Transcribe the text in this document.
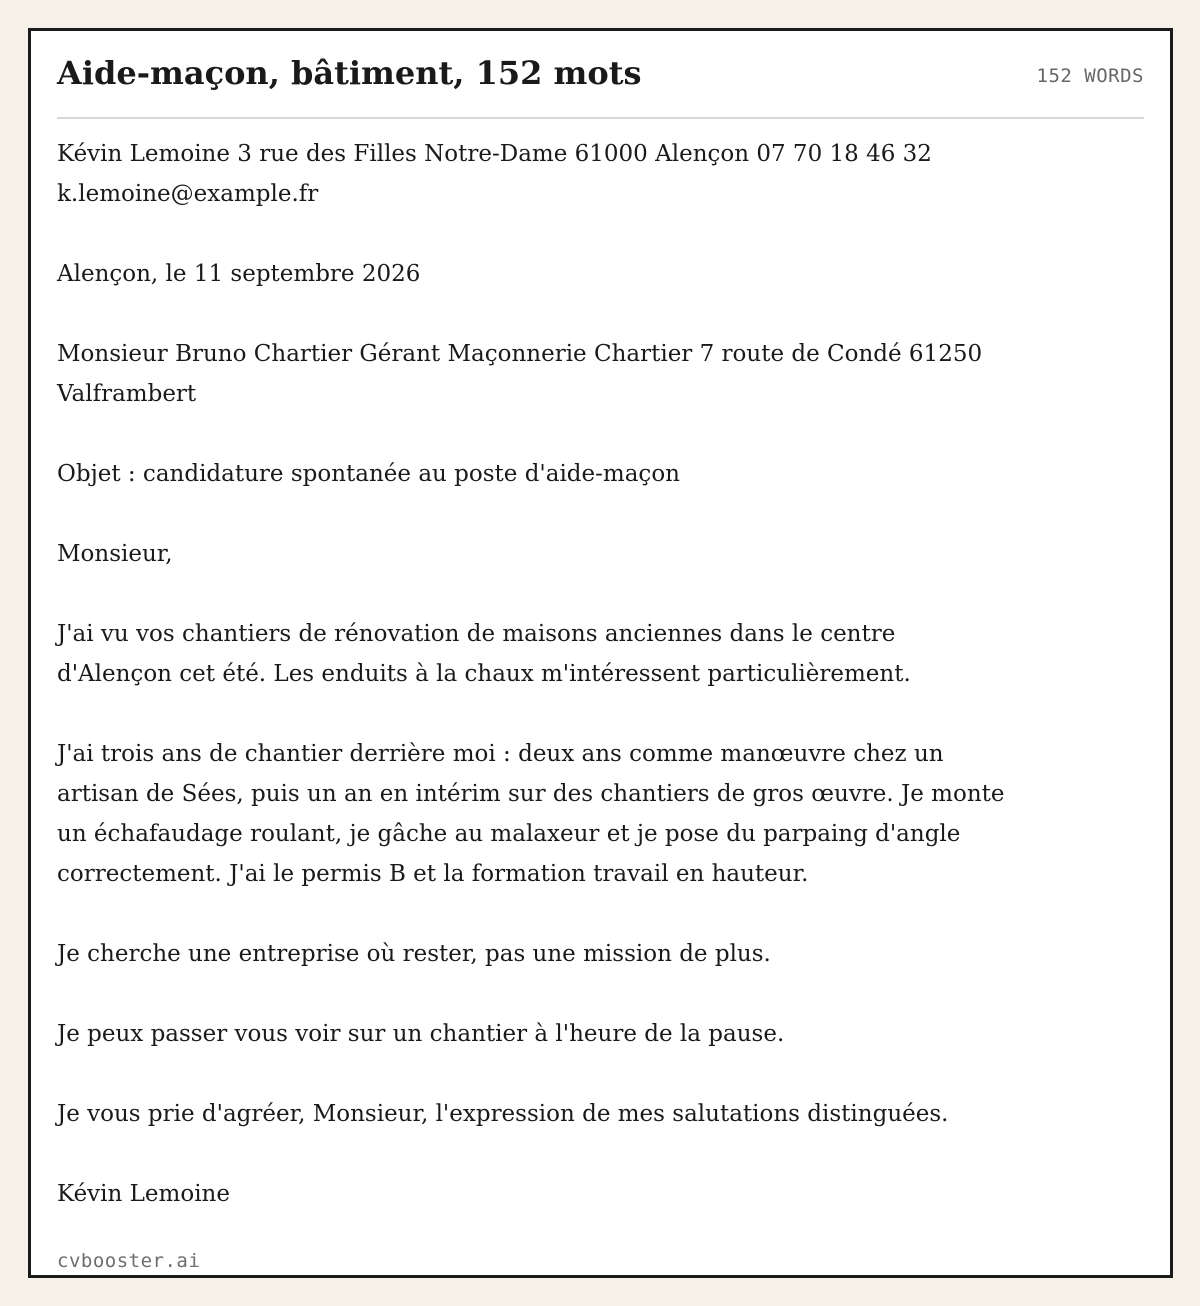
Aide-maçon, bâtiment, 152 mots	152 WORDS

Kévin Lemoine 3 rue des Filles Notre-Dame 61000 Alençon 07 70 18 46 32 k.lemoine@example.fr

Alençon, le 11 septembre 2026

Monsieur Bruno Chartier Gérant Maçonnerie Chartier 7 route de Condé 61250 Valframbert

Objet : candidature spontanée au poste d'aide-maçon

Monsieur,

J'ai vu vos chantiers de rénovation de maisons anciennes dans le centre d'Alençon cet été. Les enduits à la chaux m'intéressent particulièrement.

J'ai trois ans de chantier derrière moi : deux ans comme manœuvre chez un artisan de Sées, puis un an en intérim sur des chantiers de gros œuvre. Je monte un échafaudage roulant, je gâche au malaxeur et je pose du parpaing d'angle correctement. J'ai le permis B et la formation travail en hauteur.

Je cherche une entreprise où rester, pas une mission de plus.

Je peux passer vous voir sur un chantier à l'heure de la pause.

Je vous prie d'agréer, Monsieur, l'expression de mes salutations distinguées.

Kévin Lemoine

cvbooster.ai
